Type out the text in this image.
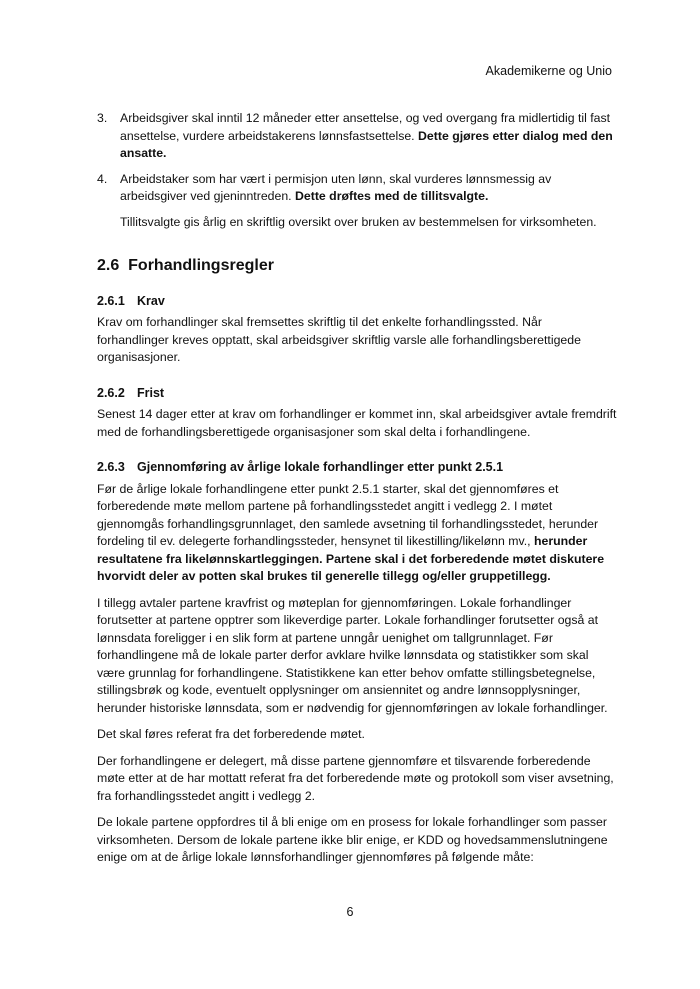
Akademikerne og Unio
3.	Arbeidsgiver skal inntil 12 måneder etter ansettelse, og ved overgang fra midlertidig til fast ansettelse, vurdere arbeidstakerens lønnsfastsettelse. Dette gjøres etter dialog med den ansatte.
4.	Arbeidstaker som har vært i permisjon uten lønn, skal vurderes lønnsmessig av arbeidsgiver ved gjeninntreden. Dette drøftes med de tillitsvalgte.

Tillitsvalgte gis årlig en skriftlig oversikt over bruken av bestemmelsen for virksomheten.

2.6 Forhandlingsregler
2.6.1 Krav

Krav om forhandlinger skal fremsettes skriftlig til det enkelte forhandlingssted. Når forhandlinger kreves opptatt, skal arbeidsgiver skriftlig varsle alle forhandlingsberettigede organisasjoner.

2.6.2 Frist

Senest 14 dager etter at krav om forhandlinger er kommet inn, skal arbeidsgiver avtale fremdrift med de forhandlingsberettigede organisasjoner som skal delta i forhandlingene.

2.6.3 Gjennomføring av årlige lokale forhandlinger etter punkt 2.5.1

Før de årlige lokale forhandlingene etter punkt 2.5.1 starter, skal det gjennomføres et forberedende møte mellom partene på forhandlingsstedet angitt i vedlegg 2. I møtet gjennomgås forhandlingsgrunnlaget, den samlede avsetning til forhandlingsstedet, herunder fordeling til ev. delegerte forhandlingssteder, hensynet til likestilling/likelønn mv., herunder resultatene fra likelønnskartleggingen. Partene skal i det forberedende møtet diskutere hvorvidt deler av potten skal brukes til generelle tillegg og/eller gruppetillegg.

I tillegg avtaler partene kravfrist og møteplan for gjennomføringen. Lokale forhandlinger forutsetter at partene opptrer som likeverdige parter. Lokale forhandlinger forutsetter også at lønnsdata foreligger i en slik form at partene unngår uenighet om tallgrunnlaget. Før forhandlingene må de lokale parter derfor avklare hvilke lønnsdata og statistikker som skal være grunnlag for forhandlingene. Statistikkene kan etter behov omfatte stillingsbetegnelse, stillingsbrøk og kode, eventuelt opplysninger om ansiennitet og andre lønnsopplysninger, herunder historiske lønnsdata, som er nødvendig for gjennomføringen av lokale forhandlinger.

Det skal føres referat fra det forberedende møtet.

Der forhandlingene er delegert, må disse partene gjennomføre et tilsvarende forberedende møte etter at de har mottatt referat fra det forberedende møte og protokoll som viser avsetning, fra forhandlingsstedet angitt i vedlegg 2.

De lokale partene oppfordres til å bli enige om en prosess for lokale forhandlinger som passer virksomheten. Dersom de lokale partene ikke blir enige, er KDD og hovedsammenslutningene enige om at de årlige lokale lønnsforhandlinger gjennomføres på følgende måte:

6
